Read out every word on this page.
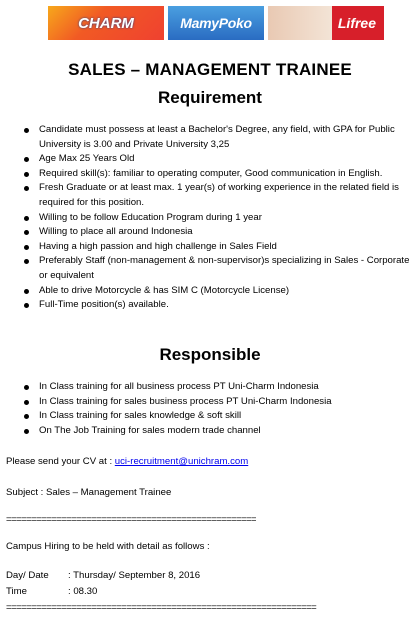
CHARM	MamyPoko	Lifree
SALES – MANAGEMENT TRAINEE
Requirement
Candidate must possess at least a Bachelor's Degree, any field, with GPA for Public University is 3.00 and Private University 3,25
Age Max 25 Years Old
Required skill(s): familiar to operating computer, Good communication in English.
Fresh Graduate or at least max. 1 year(s) of working experience in the related field is required for this position.
Willing to be follow Education Program during 1 year
Willing to place all around Indonesia
Having a high passion and high challenge in Sales Field
Preferably Staff (non-management & non-supervisor)s specializing in Sales - Corporate or equivalent
Able to drive Motorcycle & has SIM C (Motorcycle License)
Full-Time position(s) available.
Responsible
In Class training for all business process PT Uni-Charm Indonesia
In Class training for sales business process PT Uni-Charm Indonesia
In Class training for sales knowledge & soft skill
On The Job Training for sales modern trade channel
Please send your CV at : uci-recruitment@unichram.com
Subject : Sales – Management Trainee
==================================================
Campus Hiring to be held with detail as follows :
Day/ Date : Thursday/ September 8, 2016
Time	: 08.30
==============================================================
